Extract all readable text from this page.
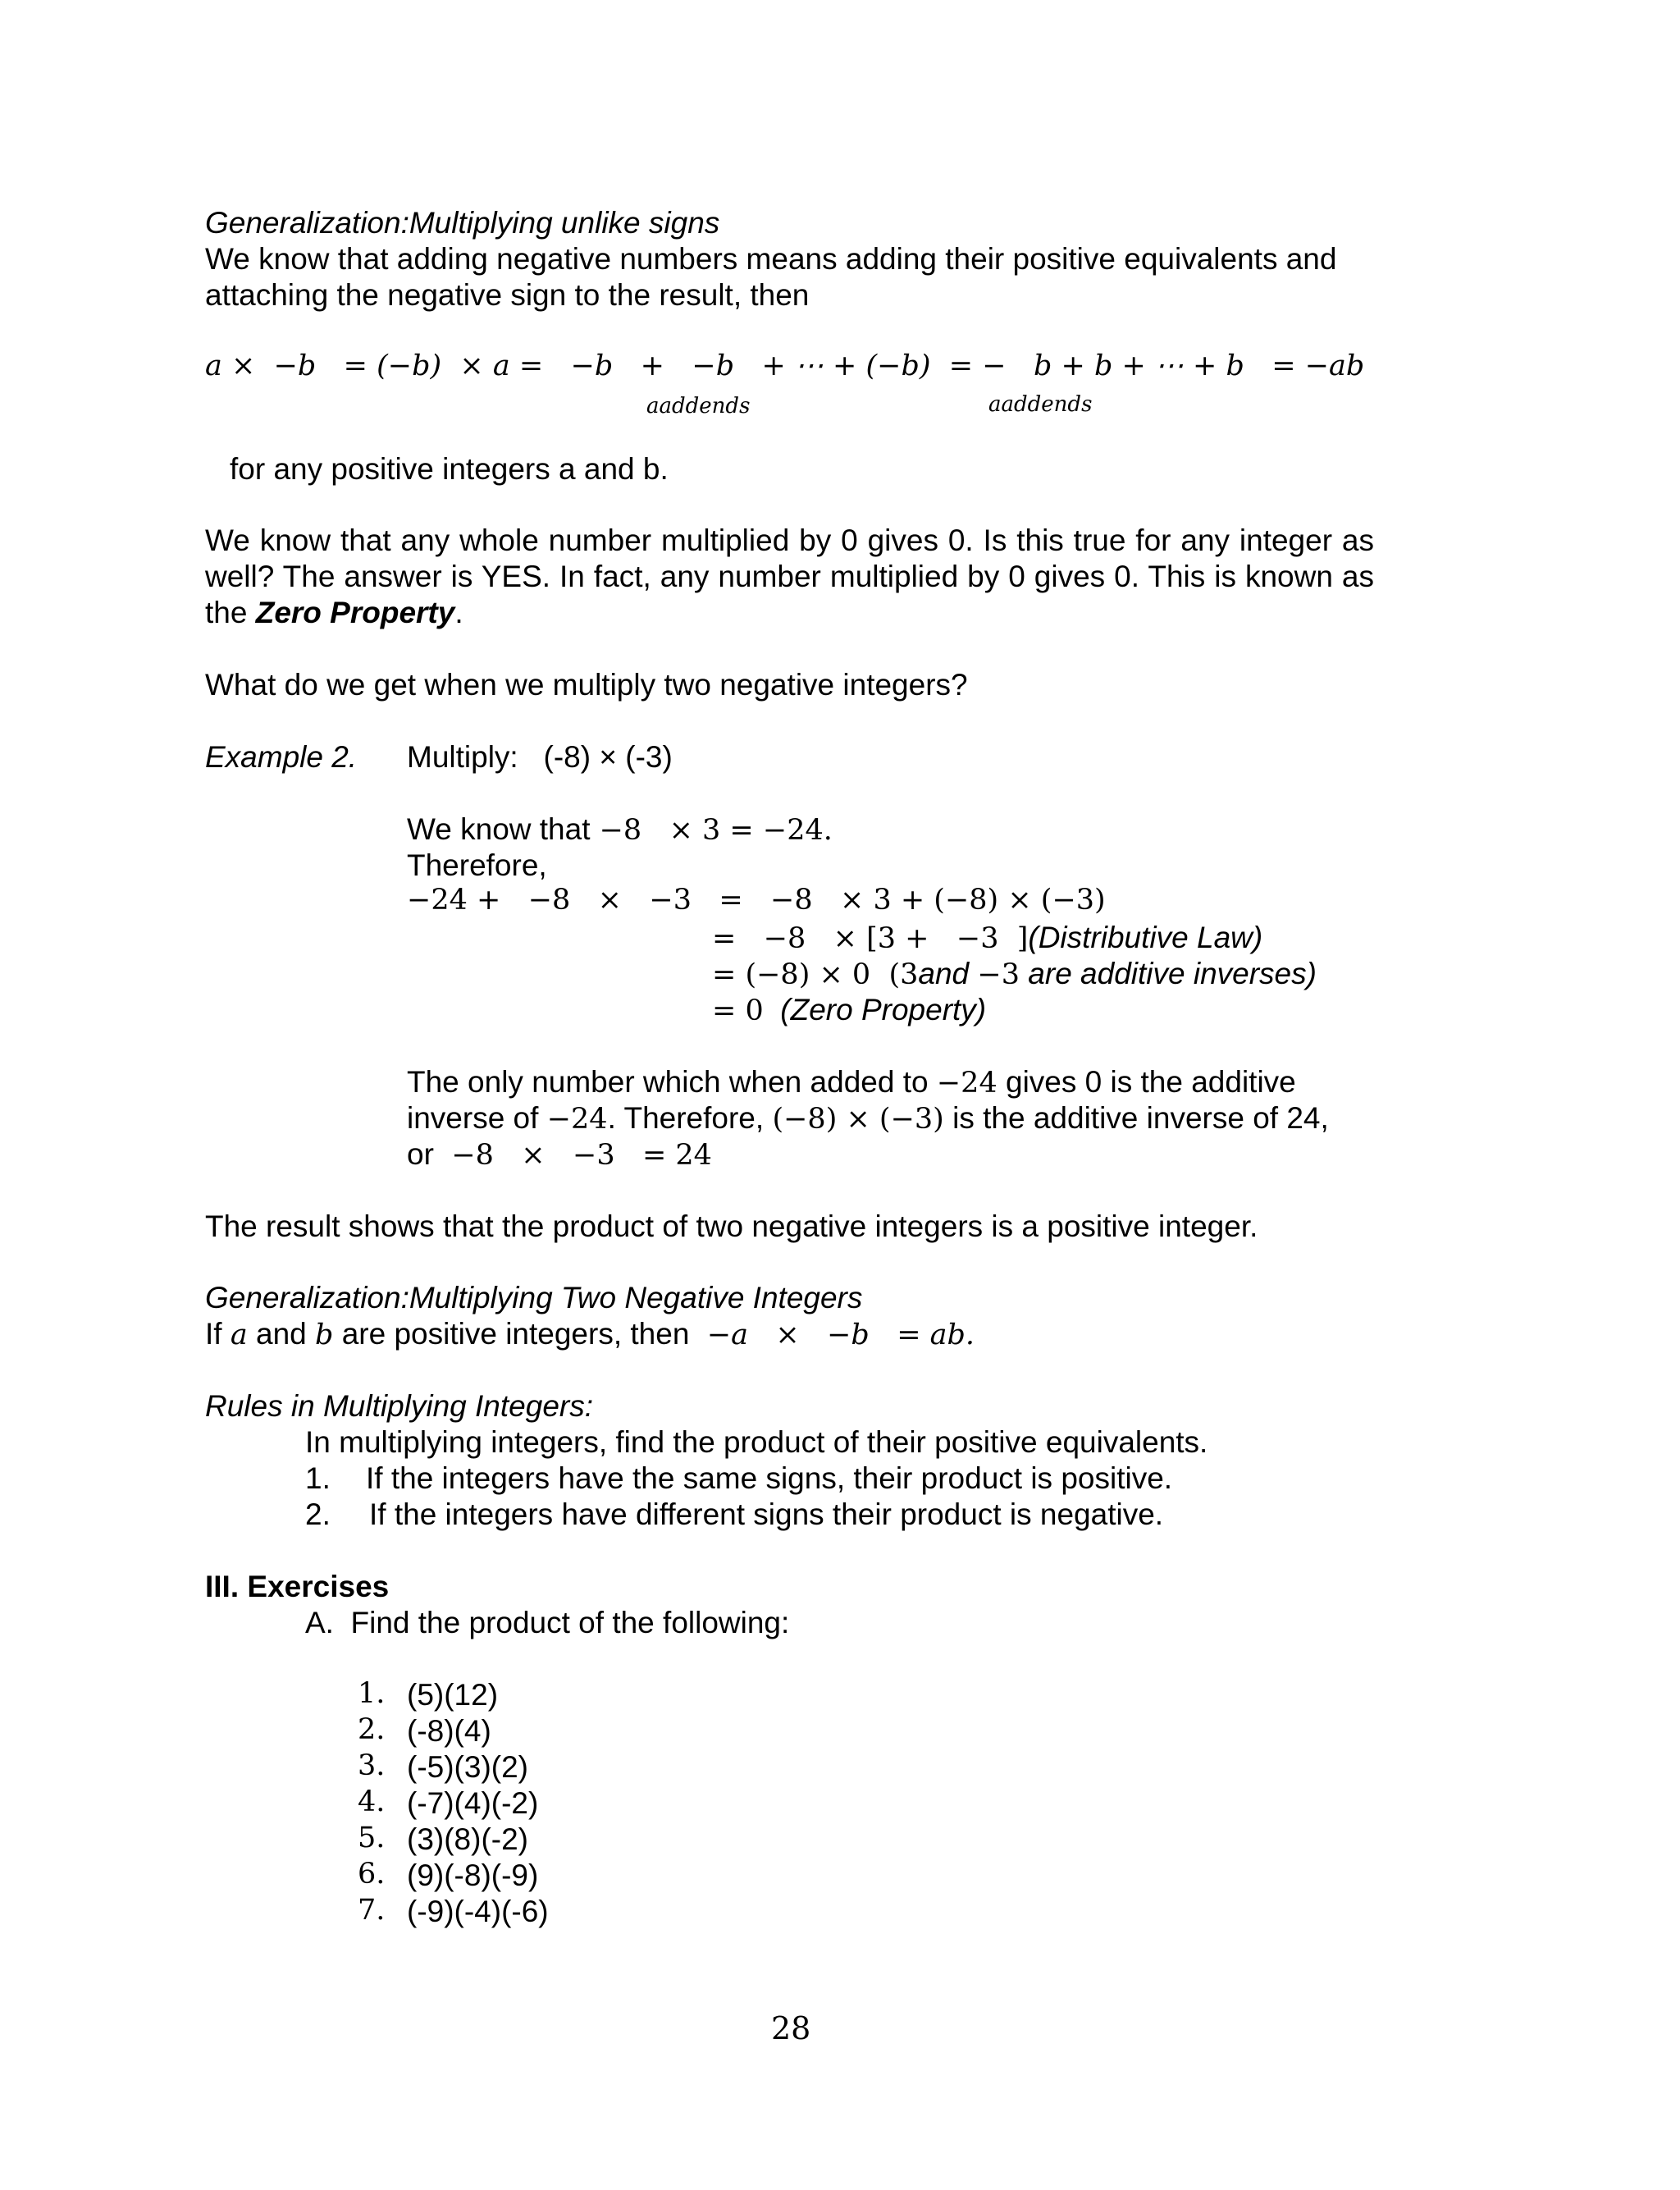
Generalization:Multiplying unlike signs
We know that adding negative numbers means adding their positive equivalents and
attaching the negative sign to the result, then
a ×  −b   = (−b)  × a =   −b   +   −b   + ⋯ + (−b)  = −   b + b + ⋯ + b   = −ab
aaddends	aaddends
for any positive integers a and b.
We know that any whole number multiplied by 0 gives 0. Is this true for any integer as well? The answer is YES. In fact, any number multiplied by 0 gives 0. This is known as the Zero Property.
What do we get when we multiply two negative integers?
Example 2. Multiply:   (-8) × (-3)
We know that −8   × 3 = −24.
Therefore,
−24 +   −8   ×   −3   =   −8   × 3 + (−8) × (−3)
=   −8   × [3 +   −3  ](Distributive Law)
= (−8) × 0  (3and −3 are additive inverses)
= 0  (Zero Property)
The only number which when added to −24 gives 0 is the additive
inverse of −24. Therefore, (−8) × (−3) is the additive inverse of 24,
or  −8   ×   −3   = 24
The result shows that the product of two negative integers is a positive integer.
Generalization:Multiplying Two Negative Integers
If a and b are positive integers, then  −a   ×   −b   = ab.
Rules in Multiplying Integers:
In multiplying integers, find the product of their positive equivalents.
1. If the integers have the same signs, their product is positive.
2. If the integers have different signs their product is negative.
III. Exercises
A.  Find the product of the following:
1. (5)(12)
2. (-8)(4)
3. (-5)(3)(2)
4. (-7)(4)(-2)
5. (3)(8)(-2)
6. (9)(-8)(-9)
7. (-9)(-4)(-6)
28
